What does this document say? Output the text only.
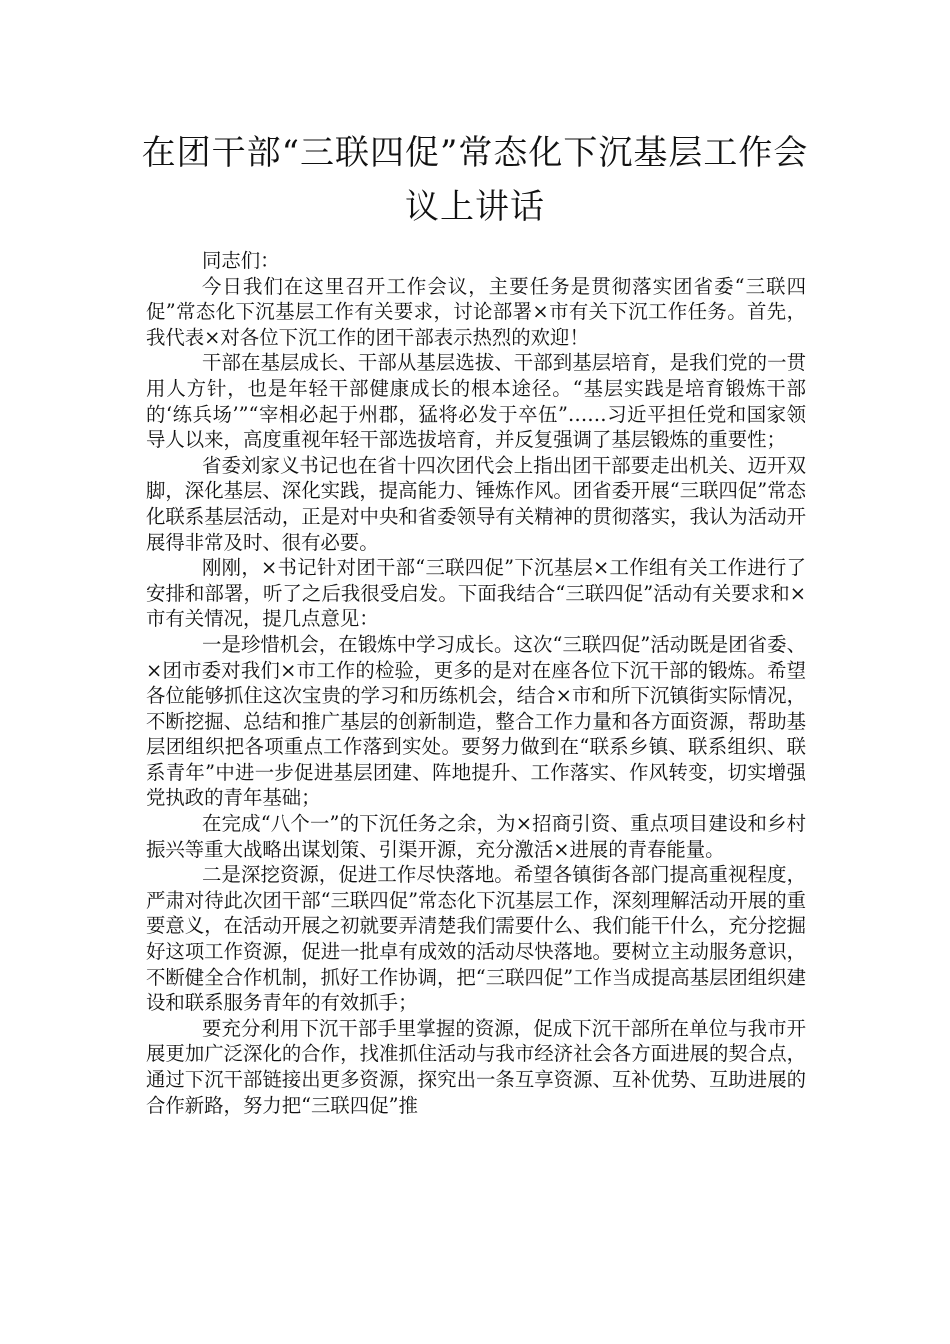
在团干部“三联四促”常态化下沉基层工作会议上讲话

同志们：

今日我们在这里召开工作会议，主要任务是贯彻落实团省委“三联四促”常态化下沉基层工作有关要求，讨论部署×市有关下沉工作任务。首先，我代表×对各位下沉工作的团干部表示热烈的欢迎！

干部在基层成长、干部从基层选拔、干部到基层培育，是我们党的一贯用人方针，也是年轻干部健康成长的根本途径。“基层实践是培育锻炼干部的‘练兵场’”“宰相必起于州郡，猛将必发于卒伍”……习近平担任党和国家领导人以来，高度重视年轻干部选拔培育，并反复强调了基层锻炼的重要性；

省委刘家义书记也在省十四次团代会上指出团干部要走出机关、迈开双脚，深化基层、深化实践，提高能力、锤炼作风。团省委开展“三联四促”常态化联系基层活动，正是对中央和省委领导有关精神的贯彻落实，我认为活动开展得非常及时、很有必要。

刚刚，×书记针对团干部“三联四促”下沉基层×工作组有关工作进行了安排和部署，听了之后我很受启发。下面我结合“三联四促”活动有关要求和×市有关情况，提几点意见：

一是珍惜机会，在锻炼中学习成长。这次“三联四促”活动既是团省委、×团市委对我们×市工作的检验，更多的是对在座各位下沉干部的锻炼。希望各位能够抓住这次宝贵的学习和历练机会，结合×市和所下沉镇街实际情况，不断挖掘、总结和推广基层的创新制造，整合工作力量和各方面资源，帮助基层团组织把各项重点工作落到实处。要努力做到在“联系乡镇、联系组织、联系青年”中进一步促进基层团建、阵地提升、工作落实、作风转变，切实增强党执政的青年基础；

在完成“八个一”的下沉任务之余，为×招商引资、重点项目建设和乡村振兴等重大战略出谋划策、引渠开源，充分激活×进展的青春能量。

二是深挖资源，促进工作尽快落地。希望各镇街各部门提高重视程度，严肃对待此次团干部“三联四促”常态化下沉基层工作，深刻理解活动开展的重要意义，在活动开展之初就要弄清楚我们需要什么、我们能干什么，充分挖掘好这项工作资源，促进一批卓有成效的活动尽快落地。要树立主动服务意识，不断健全合作机制，抓好工作协调，把“三联四促”工作当成提高基层团组织建设和联系服务青年的有效抓手；

要充分利用下沉干部手里掌握的资源，促成下沉干部所在单位与我市开展更加广泛深化的合作，找准抓住活动与我市经济社会各方面进展的契合点，通过下沉干部链接出更多资源，探究出一条互享资源、互补优势、互助进展的合作新路，努力把“三联四促”推
